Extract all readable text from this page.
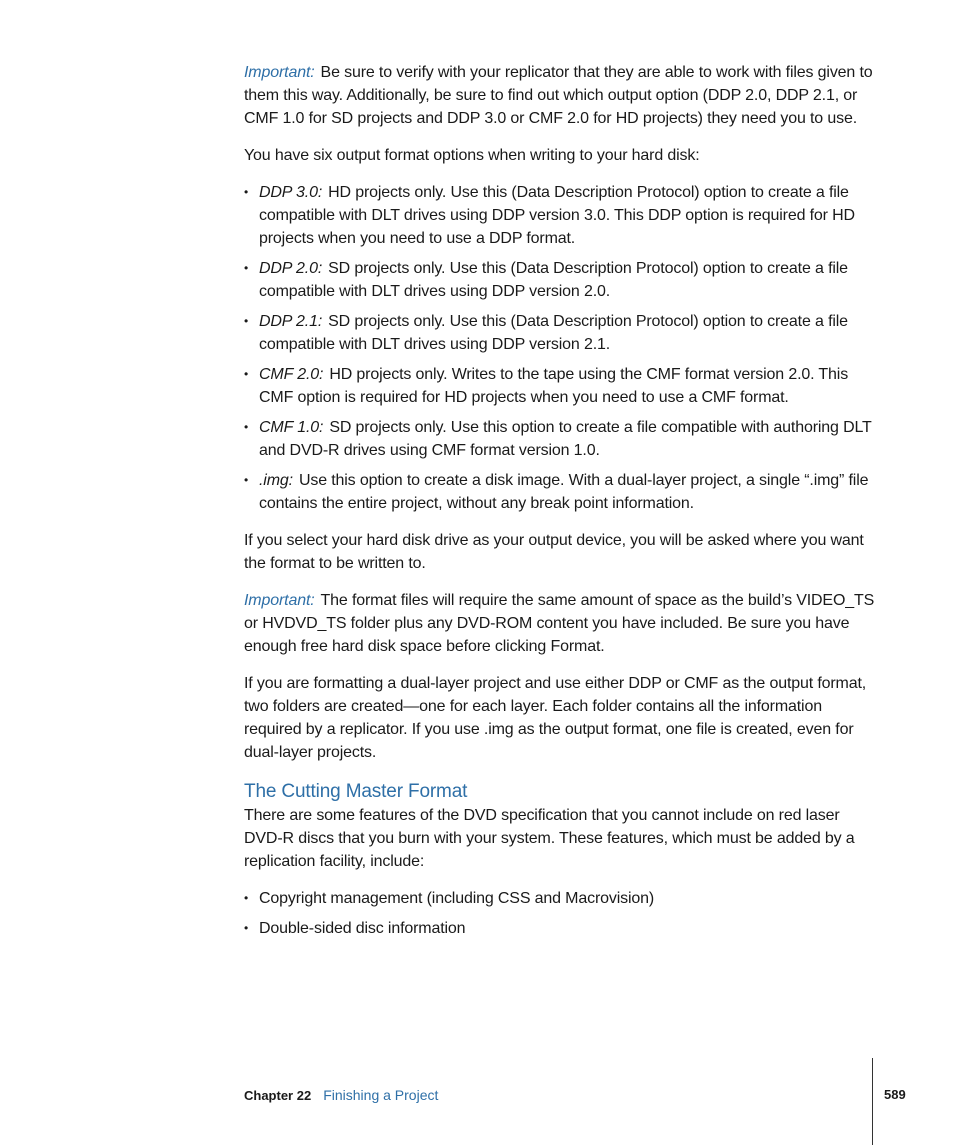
Important: Be sure to verify with your replicator that they are able to work with files given to them this way. Additionally, be sure to find out which output option (DDP 2.0, DDP 2.1, or CMF 1.0 for SD projects and DDP 3.0 or CMF 2.0 for HD projects) they need you to use.

You have six output format options when writing to your hard disk:

• DDP 3.0: HD projects only. Use this (Data Description Protocol) option to create a file compatible with DLT drives using DDP version 3.0. This DDP option is required for HD projects when you need to use a DDP format.
• DDP 2.0: SD projects only. Use this (Data Description Protocol) option to create a file compatible with DLT drives using DDP version 2.0.
• DDP 2.1: SD projects only. Use this (Data Description Protocol) option to create a file compatible with DLT drives using DDP version 2.1.
• CMF 2.0: HD projects only. Writes to the tape using the CMF format version 2.0. This CMF option is required for HD projects when you need to use a CMF format.
• CMF 1.0: SD projects only. Use this option to create a file compatible with authoring DLT and DVD-R drives using CMF format version 1.0.
• .img: Use this option to create a disk image. With a dual-layer project, a single “.img” file contains the entire project, without any break point information.

If you select your hard disk drive as your output device, you will be asked where you want the format to be written to.

Important: The format files will require the same amount of space as the build’s VIDEO_TS or HVDVD_TS folder plus any DVD-ROM content you have included. Be sure you have enough free hard disk space before clicking Format.

If you are formatting a dual-layer project and use either DDP or CMF as the output format, two folders are created—one for each layer. Each folder contains all the information required by a replicator. If you use .img as the output format, one file is created, even for dual-layer projects.

The Cutting Master Format

There are some features of the DVD specification that you cannot include on red laser DVD-R discs that you burn with your system. These features, which must be added by a replication facility, include:

• Copyright management (including CSS and Macrovision)
• Double-sided disc information
Chapter 22 Finishing a Project	589
